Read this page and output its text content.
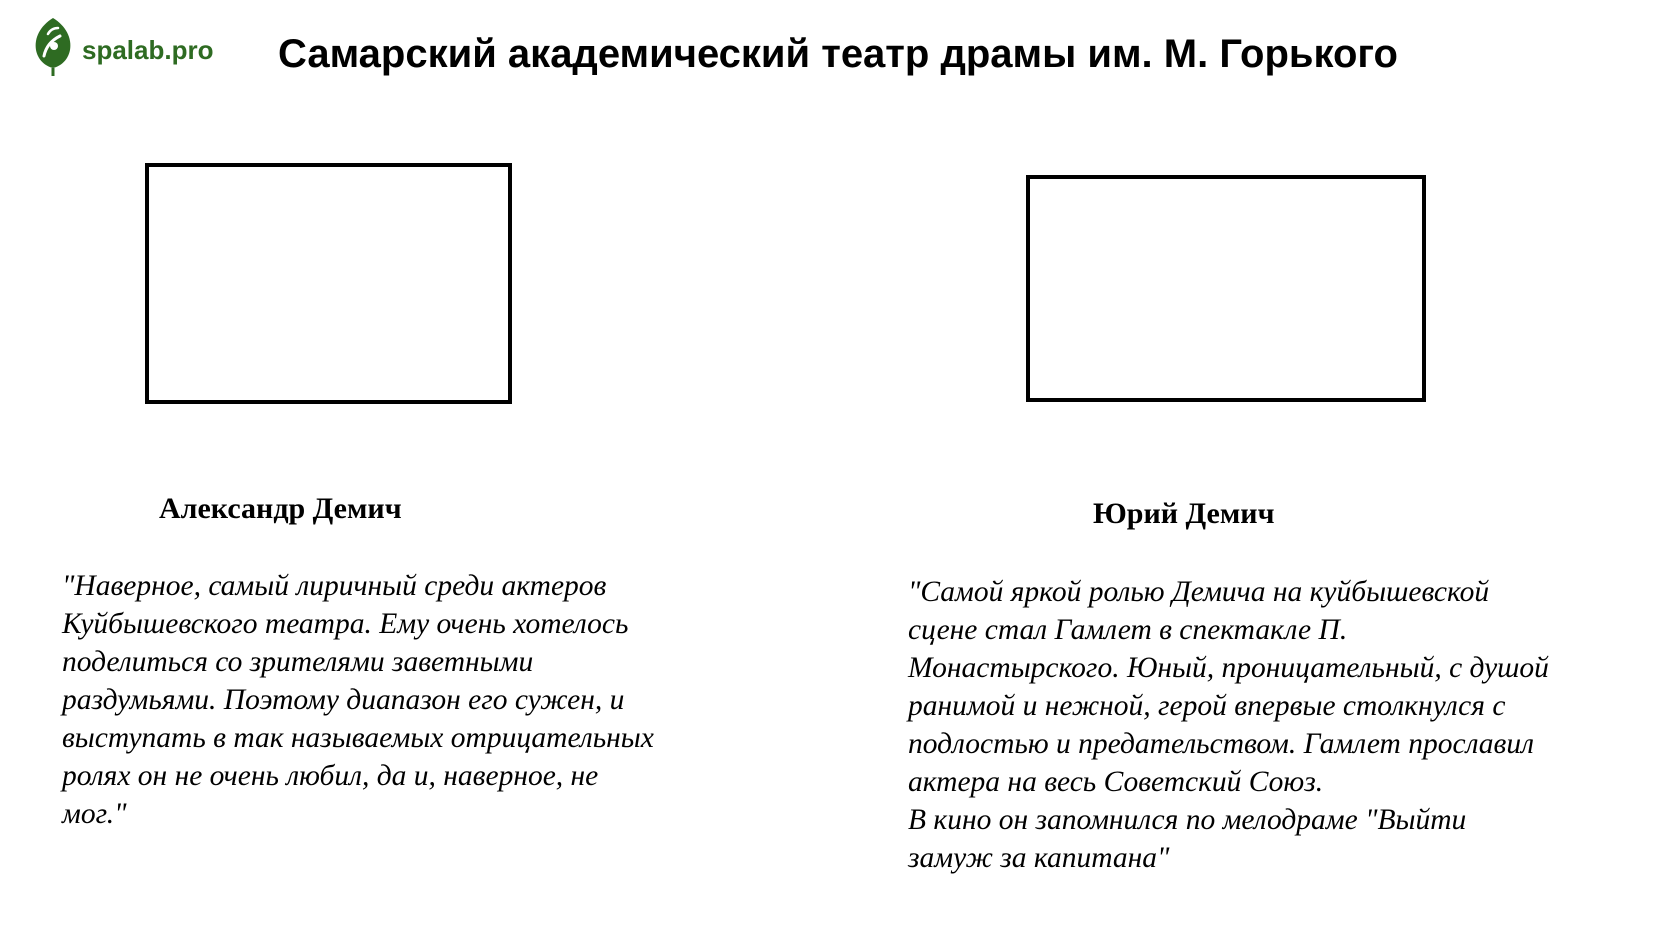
spalab.pro Самарский академический театр драмы им. М. Горького
Александр Демич	Юрий Демич

"Наверное, самый лиричный среди актеров
Куйбышевского театра. Ему очень хотелось
поделиться со зрителями заветными
раздумьями. Поэтому диапазон его сужен, и
выступать в так называемых отрицательных
ролях он не очень любил, да и, наверное, не
мог."

"Самой яркой ролью Демича на куйбышевской
сцене стал Гамлет в спектакле П.
Монастырского. Юный, проницательный, с душой
ранимой и нежной, герой впервые столкнулся с
подлостью и предательством. Гамлет прославил
актера на весь Советский Союз.
В кино он запомнился по мелодраме "Выйти
замуж за капитана"
